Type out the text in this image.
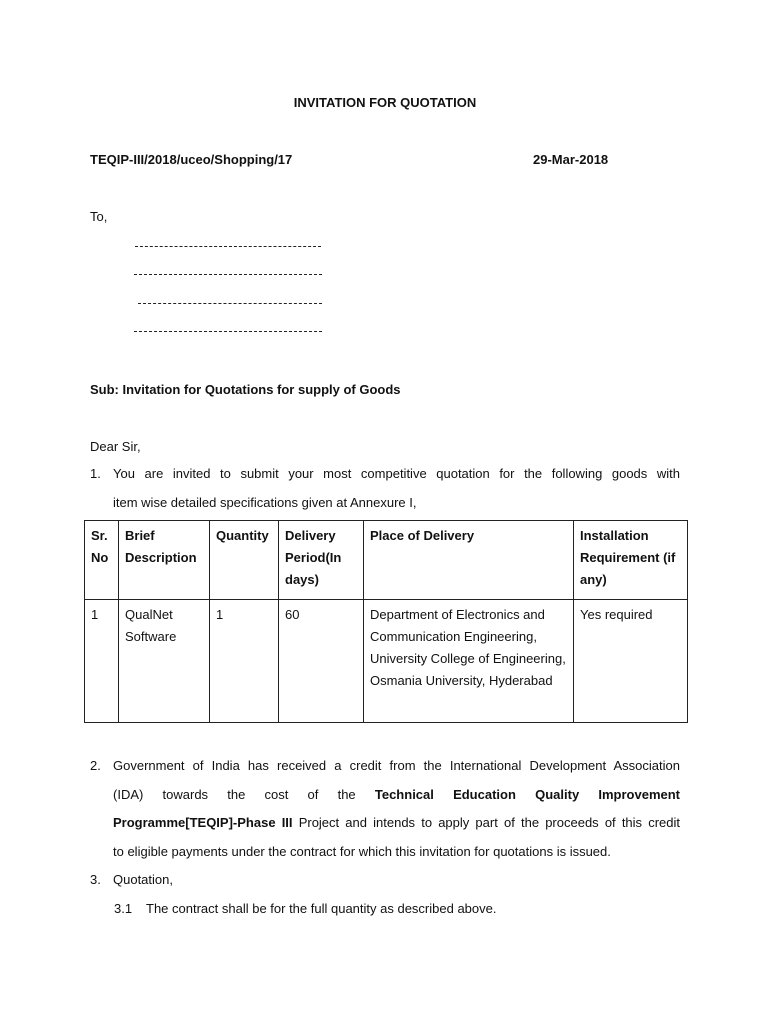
INVITATION FOR QUOTATION
TEQIP-III/2018/uceo/Shopping/17	29-Mar-2018
To,
Sub: Invitation for Quotations for supply of Goods
Dear Sir,
1. You are invited to submit your most competitive quotation for the following goods with
item wise detailed specifications given at Annexure I,
Sr. No	Brief Description	Quantity	Delivery Period(In days)	Place of Delivery	Installation Requirement (if any)
1	QualNet Software	1	60	Department of Electronics and Communication Engineering, University College of Engineering, Osmania University, Hyderabad	Yes required
2. Government of India has received a credit from the International Development Association
(IDA) towards the cost of the Technical Education Quality Improvement
Programme[TEQIP]-Phase III Project and intends to apply part of the proceeds of this credit
to eligible payments under the contract for which this invitation for quotations is issued.
3. Quotation,
3.1 The contract shall be for the full quantity as described above.
